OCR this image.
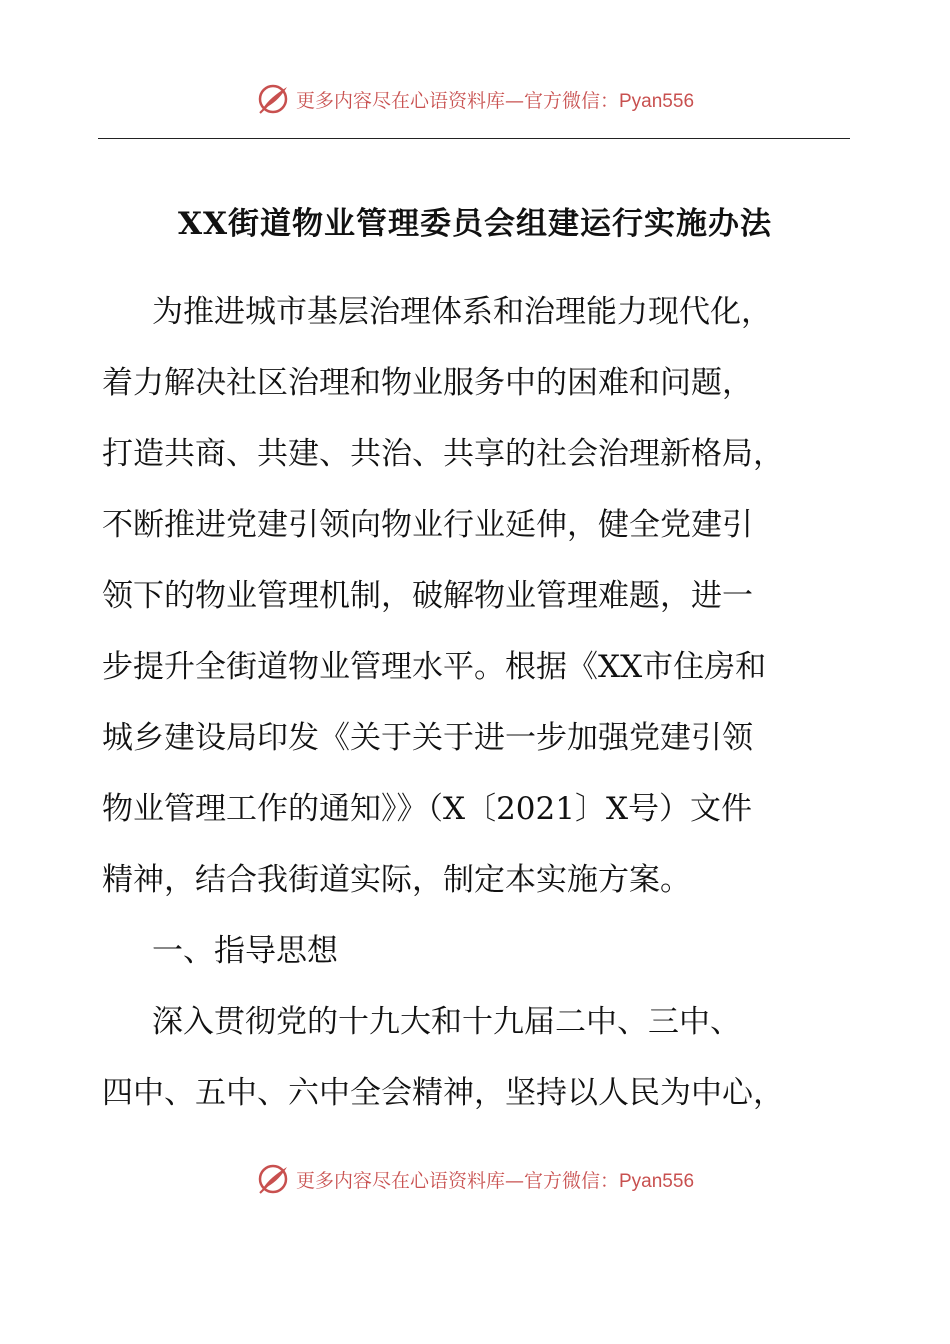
更多内容尽在心语资料库—官方微信：Pyan556
XX街道物业管理委员会组建运行实施办法
为推进城市基层治理体系和治理能力现代化，
着力解决社区治理和物业服务中的困难和问题，
打造共商、共建、共治、共享的社会治理新格局，
不断推进党建引领向物业行业延伸，健全党建引
领下的物业管理机制，破解物业管理难题，进一
步提升全街道物业管理水平。根据《XX市住房和
城乡建设局印发《关于关于进一步加强党建引领
物业管理工作的通知》》（X〔2021〕X号）文件
精神，结合我街道实际，制定本实施方案。
一、指导思想
深入贯彻党的十九大和十九届二中、三中、
四中、五中、六中全会精神，坚持以人民为中心，
更多内容尽在心语资料库—官方微信：Pyan556
